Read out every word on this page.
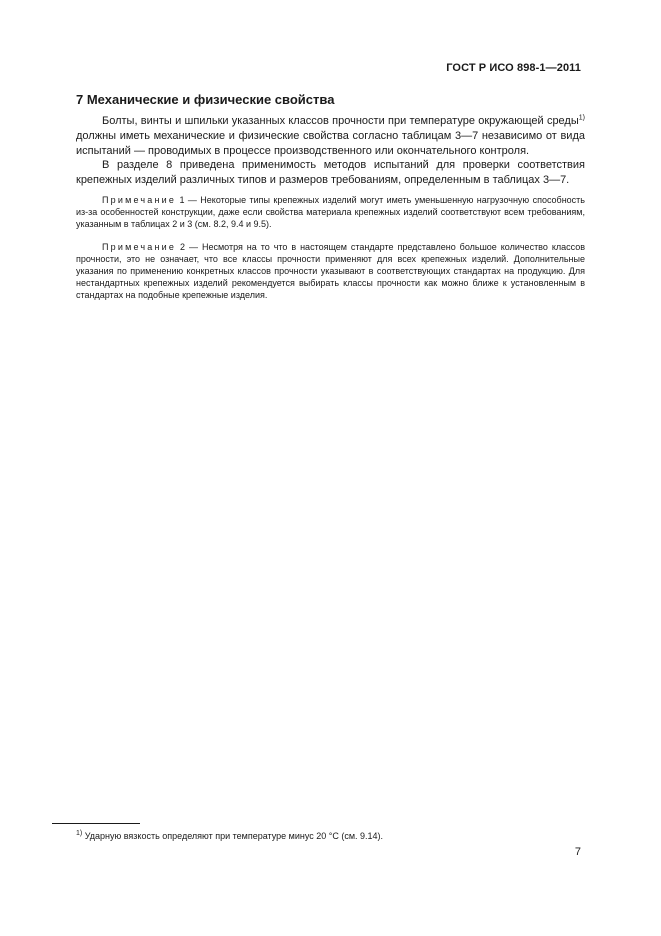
ГОСТ Р ИСО 898-1—2011
7 Механические и физические свойства

Болты, винты и шпильки указанных классов прочности при температуре окружающей среды$^{1)}$ должны иметь механические и физические свойства согласно таблицам 3—7 независимо от вида испытаний — проводимых в процессе производственного или окончательного контроля.

В разделе 8 приведена применимость методов испытаний для проверки соответствия крепежных изделий различных типов и размеров требованиям, определенным в таблицах 3—7.

Примечание 1 — Некоторые типы крепежных изделий могут иметь уменьшенную нагрузочную способность из-за особенностей конструкции, даже если свойства материала крепежных изделий соответствуют всем требованиям, указанным в таблицах 2 и 3 (см. 8.2, 9.4 и 9.5).

Примечание 2 — Несмотря на то что в настоящем стандарте представлено большое количество классов прочности, это не означает, что все классы прочности применяют для всех крепежных изделий. Дополнительные указания по применению конкретных классов прочности указывают в соответствующих стандартах на продукцию. Для нестандартных крепежных изделий рекомендуется выбирать классы прочности как можно ближе к установленным в стандартах на подобные крепежные изделия.

$^{1)}$ Ударную вязкость определяют при температуре минус 20 °С (см. 9.14).
7
